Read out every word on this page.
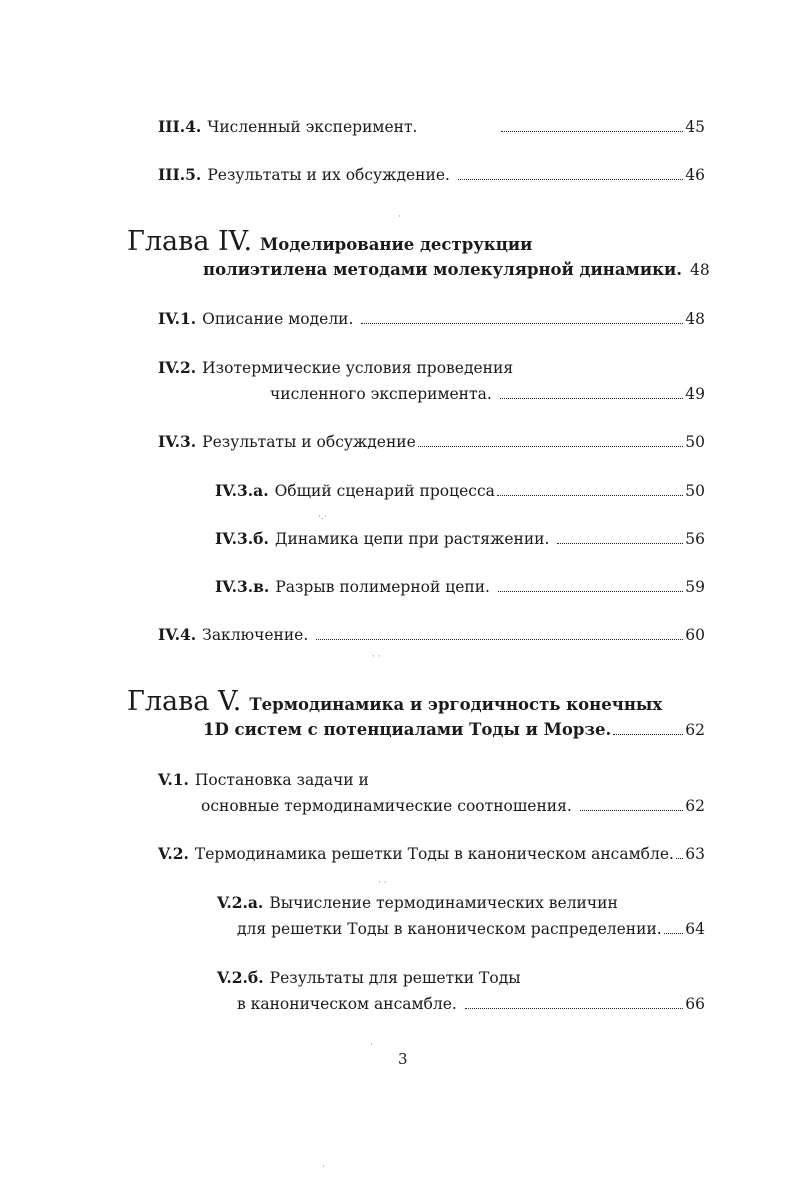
III.4. Численный эксперимент.	45
III.5. Результаты и их обсуждение.	46
Глава IV. Моделирование деструкции
полиэтилена методами молекулярной динамики. 48
IV.1. Описание модели.	48
IV.2. Изотермические условия проведения
численного эксперимента.	49
IV.3. Результаты и обсуждение	50
IV.3.а. Общий сценарий процесса	50
IV.3.б. Динамика цепи при растяжении.	56
IV.3.в. Разрыв полимерной цепи.	59
IV.4. Заключение.	60
Глава V. Термодинамика и эргодичность конечных
1D систем с потенциалами Тоды и Морзе.	62
V.1. Постановка задачи и
основные термодинамические соотношения.	62
V.2. Термодинамика решетки Тоды в каноническом ансамбле. 63
V.2.а. Вычисление термодинамических величин
для решетки Тоды в каноническом распределении. 64
V.2.б. Результаты для решетки Тоды
в каноническом ансамбле.	66
3
·
·.·
· ·
· ·
·
·
